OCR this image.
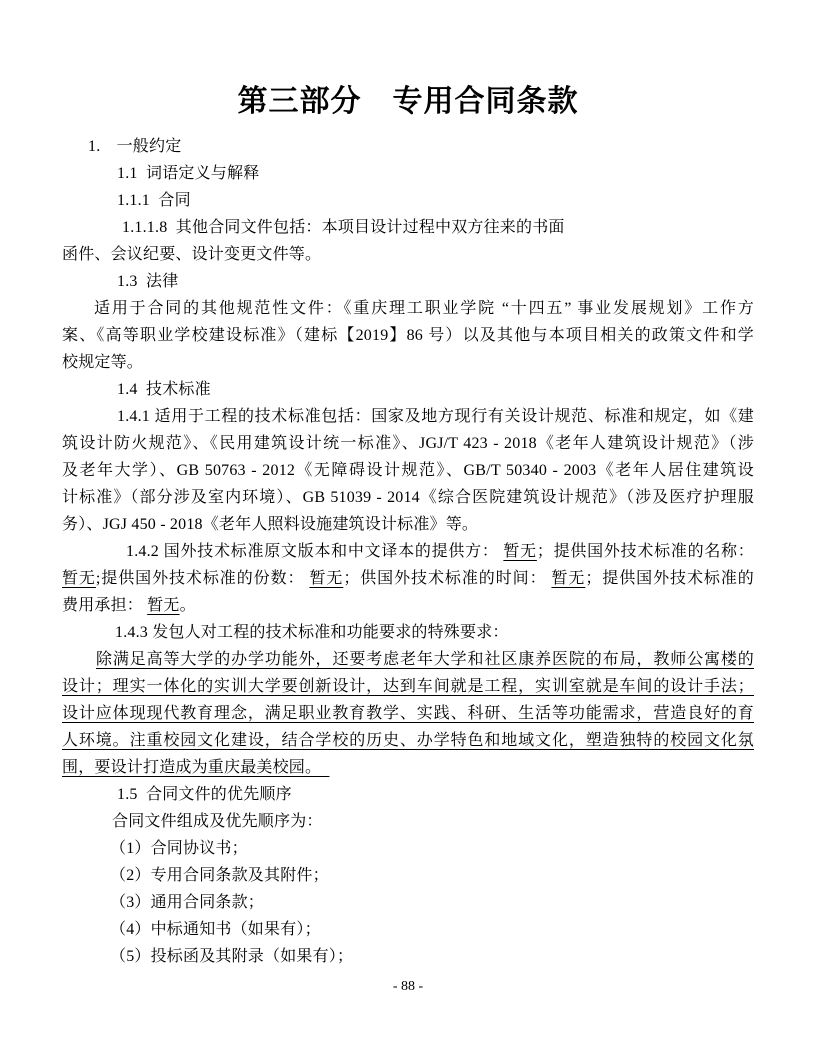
第三部分　专用合同条款
1.　一般约定
1.1  词语定义与解释
1.1.1  合同
1.1.1.8  其他合同文件包括：本项目设计过程中双方往来的书面
函件、会议纪要、设计变更文件等。
1.3  法律
适用于合同的其他规范性文件：《重庆理工职业学院 “十四五” 事业发展规划》工作方
案、《高等职业学校建设标准》（建标【2019】86 号）以及其他与本项目相关的政策文件和学
校规定等。
1.4  技术标准
1.4.1 适用于工程的技术标准包括：国家及地方现行有关设计规范、标准和规定，如《建
筑设计防火规范》、《民用建筑设计统一标准》、JGJ/T 423 - 2018《老年人建筑设计规范》（涉
及老年大学）、GB 50763 - 2012《无障碍设计规范》、GB/T 50340 - 2003《老年人居住建筑设
计标准》（部分涉及室内环境）、GB 51039 - 2014《综合医院建筑设计规范》（涉及医疗护理服
务）、JGJ 450 - 2018《老年人照料设施建筑设计标准》等。
1.4.2 国外技术标准原文版本和中文译本的提供方： 暂无；提供国外技术标准的名称：
暂无;提供国外技术标准的份数： 暂无；供国外技术标准的时间： 暂无；提供国外技术标准的
费用承担： 暂无。
1.4.3 发包人对工程的技术标准和功能要求的特殊要求：
除满足高等大学的办学功能外，还要考虑老年大学和社区康养医院的布局，教师公寓楼的
设计；理实一体化的实训大学要创新设计，达到车间就是工程，实训室就是车间的设计手法；
设计应体现现代教育理念，满足职业教育教学、实践、科研、生活等功能需求，营造良好的育
人环境。注重校园文化建设，结合学校的历史、办学特色和地域文化，塑造独特的校园文化氛
围，要设计打造成为重庆最美校园。　
1.5  合同文件的优先顺序
合同文件组成及优先顺序为：
（1）合同协议书；
（2）专用合同条款及其附件；
（3）通用合同条款；
（4）中标通知书（如果有）；
（5）投标函及其附录（如果有）；
- 88 -
